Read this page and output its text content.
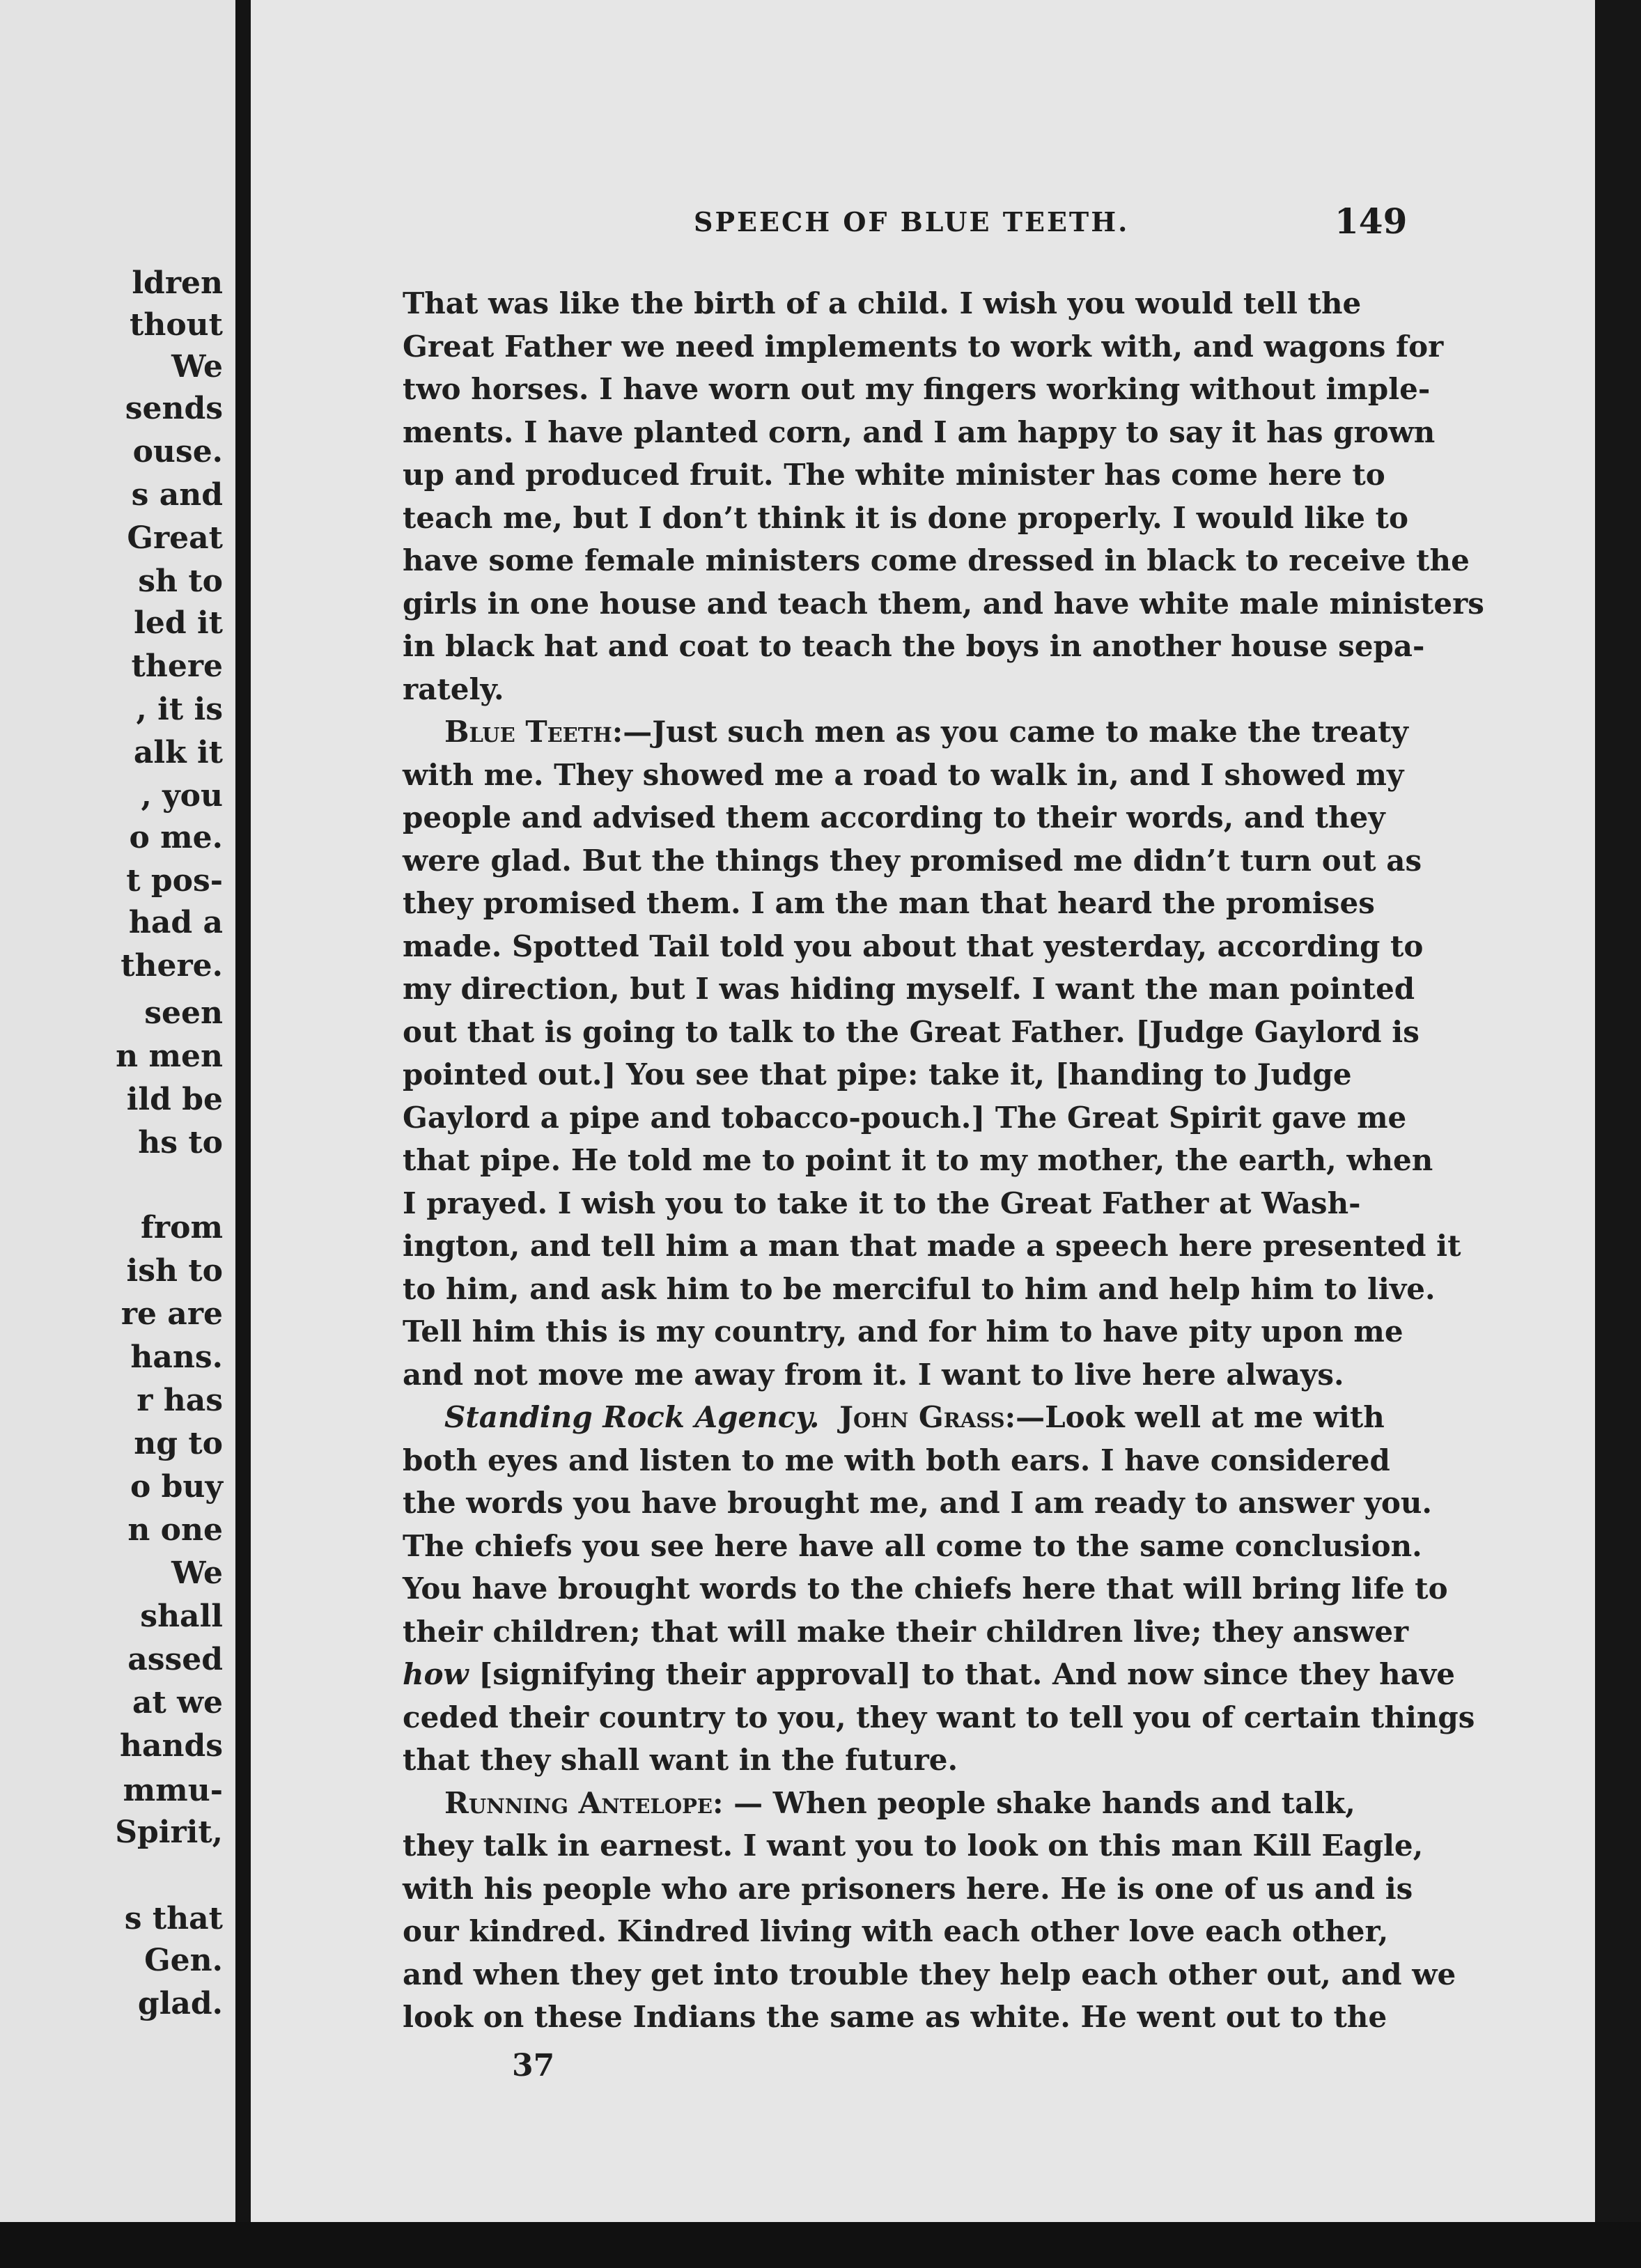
ldren
thout
We
sends
ouse.
s and
Great
sh to
led it
there
, it is
alk it
, you
o me.
t pos-
had a
there.
seen
n men
ild be
hs to
from
ish to
re are
hans.
r has
ng to
o buy
n one
We
shall
assed
at we
hands
mmu-
Spirit,
s that
Gen.
glad.
SPEECH OF BLUE TEETH.	149
That was like the birth of a child. I wish you would tell the
Great Father we need implements to work with, and wagons for
two horses. I have worn out my fingers working without imple-
ments. I have planted corn, and I am happy to say it has grown
up and produced fruit. The white minister has come here to
teach me, but I don’t think it is done properly. I would like to
have some female ministers come dressed in black to receive the
girls in one house and teach them, and have white male ministers
in black hat and coat to teach the boys in another house sepa-
rately.
Blue Teeth:—Just such men as you came to make the treaty
with me. They showed me a road to walk in, and I showed my
people and advised them according to their words, and they
were glad. But the things they promised me didn’t turn out as
they promised them. I am the man that heard the promises
made. Spotted Tail told you about that yesterday, according to
my direction, but I was hiding myself. I want the man pointed
out that is going to talk to the Great Father. [Judge Gaylord is
pointed out.] You see that pipe: take it, [handing to Judge
Gaylord a pipe and tobacco-pouch.] The Great Spirit gave me
that pipe. He told me to point it to my mother, the earth, when
I prayed. I wish you to take it to the Great Father at Wash-
ington, and tell him a man that made a speech here presented it
to him, and ask him to be merciful to him and help him to live.
Tell him this is my country, and for him to have pity upon me
and not move me away from it. I want to live here always.
Standing Rock Agency. John Grass:—Look well at me with
both eyes and listen to me with both ears. I have considered
the words you have brought me, and I am ready to answer you.
The chiefs you see here have all come to the same conclusion.
You have brought words to the chiefs here that will bring life to
their children; that will make their children live; they answer
how [signifying their approval] to that. And now since they have
ceded their country to you, they want to tell you of certain things
that they shall want in the future.
Running Antelope: — When people shake hands and talk,
they talk in earnest. I want you to look on this man Kill Eagle,
with his people who are prisoners here. He is one of us and is
our kindred. Kindred living with each other love each other,
and when they get into trouble they help each other out, and we
look on these Indians the same as white. He went out to the
37
